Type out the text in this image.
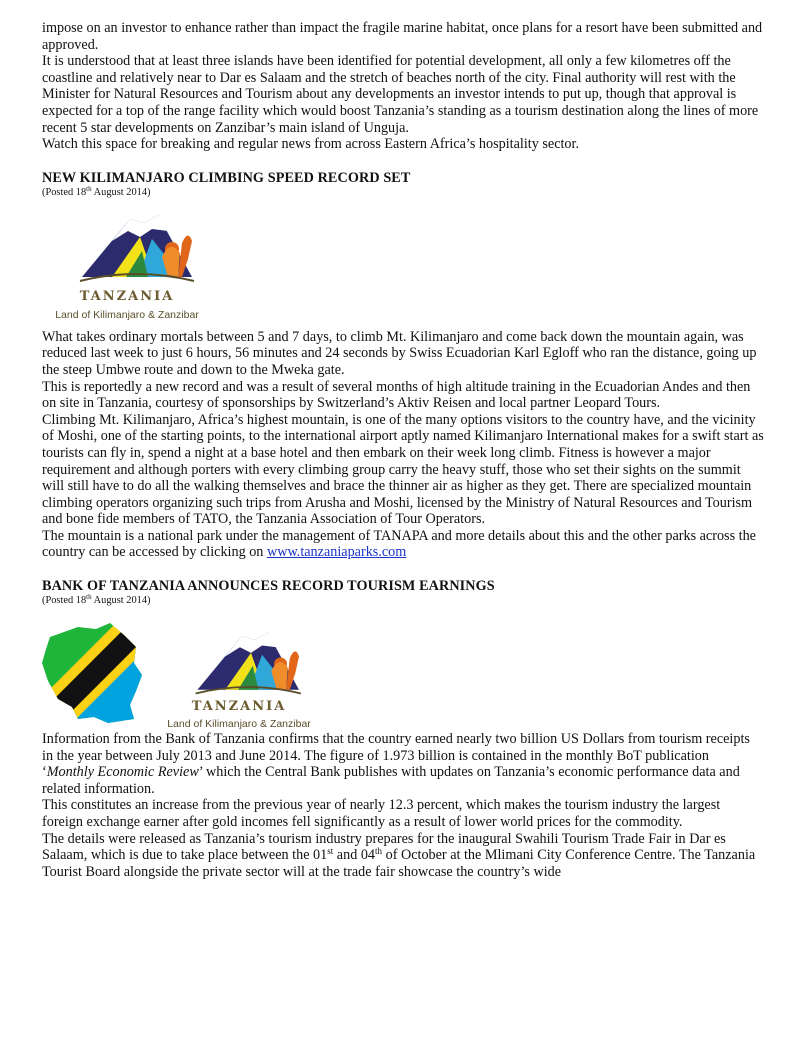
impose on an investor to enhance rather than impact the fragile marine habitat, once plans for a resort have been submitted and approved.

It is understood that at least three islands have been identified for potential development, all only a few kilometres off the coastline and relatively near to Dar es Salaam and the stretch of beaches north of the city. Final authority will rest with the Minister for Natural Resources and Tourism about any developments an investor intends to put up, though that approval is expected for a top of the range facility which would boost Tanzania’s standing as a tourism destination along the lines of more recent 5 star developments on Zanzibar’s main island of Unguja.

Watch this space for breaking and regular news from across Eastern Africa’s hospitality sector.

NEW KILIMANJARO CLIMBING SPEED RECORD SET
(Posted 18th August 2014)
TANZANIA
Land of Kilimanjaro & Zanzibar

What takes ordinary mortals between 5 and 7 days, to climb Mt. Kilimanjaro and come back down the mountain again, was reduced last week to just 6 hours, 56 minutes and 24 seconds by Swiss Ecuadorian Karl Egloff who ran the distance, going up the steep Umbwe route and down to the Mweka gate.

This is reportedly a new record and was a result of several months of high altitude training in the Ecuadorian Andes and then on site in Tanzania, courtesy of sponsorships by Switzerland’s Aktiv Reisen and local partner Leopard Tours.

Climbing Mt. Kilimanjaro, Africa’s highest mountain, is one of the many options visitors to the country have, and the vicinity of Moshi, one of the starting points, to the international airport aptly named Kilimanjaro International makes for a swift start as tourists can fly in, spend a night at a base hotel and then embark on their week long climb. Fitness is however a major requirement and although porters with every climbing group carry the heavy stuff, those who set their sights on the summit will still have to do all the walking themselves and brace the thinner air as higher as they get. There are specialized mountain climbing operators organizing such trips from Arusha and Moshi, licensed by the Ministry of Natural Resources and Tourism and bone fide members of TATO, the Tanzania Association of Tour Operators.

The mountain is a national park under the management of TANAPA and more details about this and the other parks across the country can be accessed by clicking on www.tanzaniaparks.com

BANK OF TANZANIA ANNOUNCES RECORD TOURISM EARNINGS
(Posted 18th August 2014)
TANZANIA
Land of Kilimanjaro & Zanzibar

Information from the Bank of Tanzania confirms that the country earned nearly two billion US Dollars from tourism receipts in the year between July 2013 and June 2014. The figure of 1.973 billion is contained in the monthly BoT publication ‘Monthly Economic Review’ which the Central Bank publishes with updates on Tanzania’s economic performance data and related information.

This constitutes an increase from the previous year of nearly 12.3 percent, which makes the tourism industry the largest foreign exchange earner after gold incomes fell significantly as a result of lower world prices for the commodity.

The details were released as Tanzania’s tourism industry prepares for the inaugural Swahili Tourism Trade Fair in Dar es Salaam, which is due to take place between the 01st and 04th of October at the Mlimani City Conference Centre. The Tanzania Tourist Board alongside the private sector will at the trade fair showcase the country’s wide
